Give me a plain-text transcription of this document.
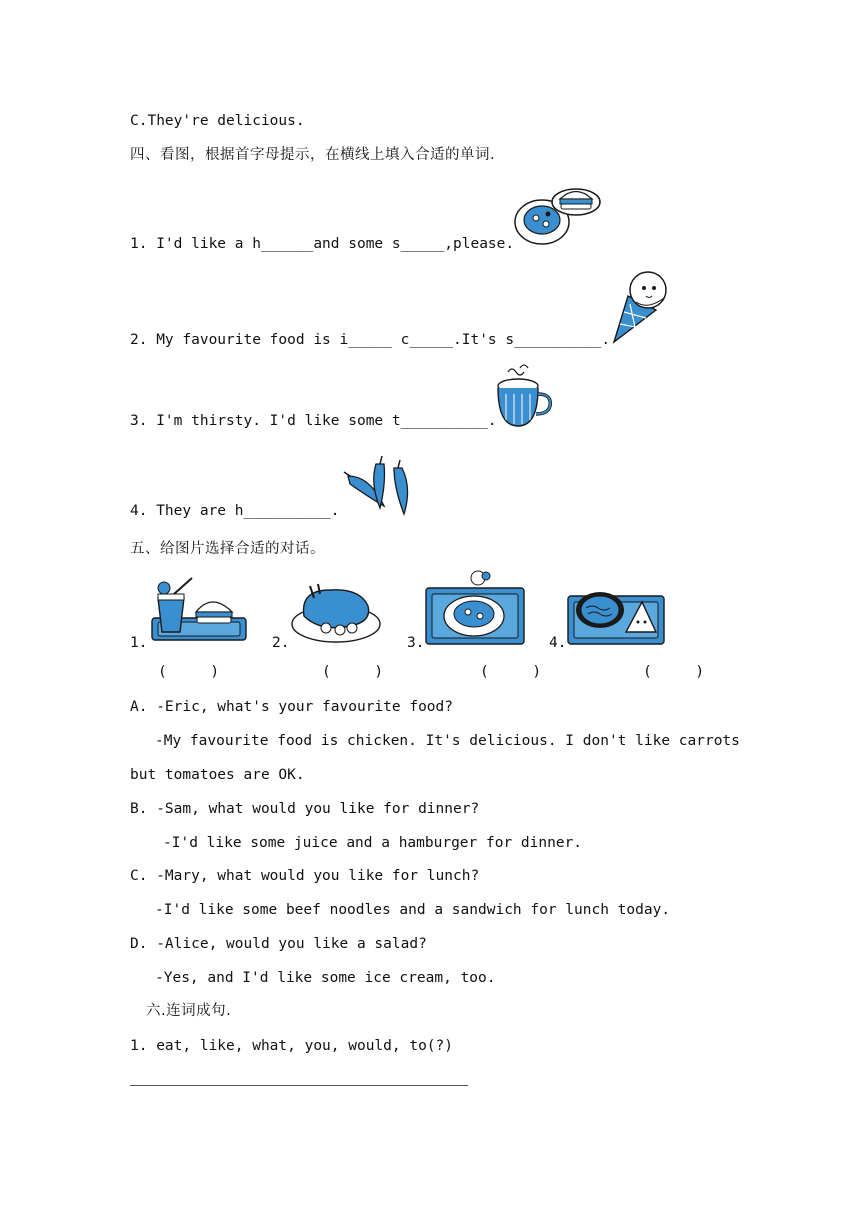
C.They're delicious.
四、看图，根据首字母提示，在横线上填入合适的单词.
1. I'd like a h______and some s_____,please.
2. My favourite food is i_____ c_____.It's s__________.
3. I'm thirsty. I'd like some t__________.
4. They are h__________.
五、给图片选择合适的对话。
1.	2.	3.	4.
(     )	(     )	(     )	(     )
A. -Eric, what's your favourite food?
-My favourite food is chicken. It's delicious. I don't like carrots
but tomatoes are OK.
B. -Sam, what would you like for dinner?
-I'd like some juice and a hamburger for dinner.
C. -Mary, what would you like for lunch?
-I'd like some beef noodles and a sandwich for lunch today.
D. -Alice, would you like a salad?
-Yes, and I'd like some ice cream, too.
六.连词成句.
1. eat, like, what, you, would, to(?)
